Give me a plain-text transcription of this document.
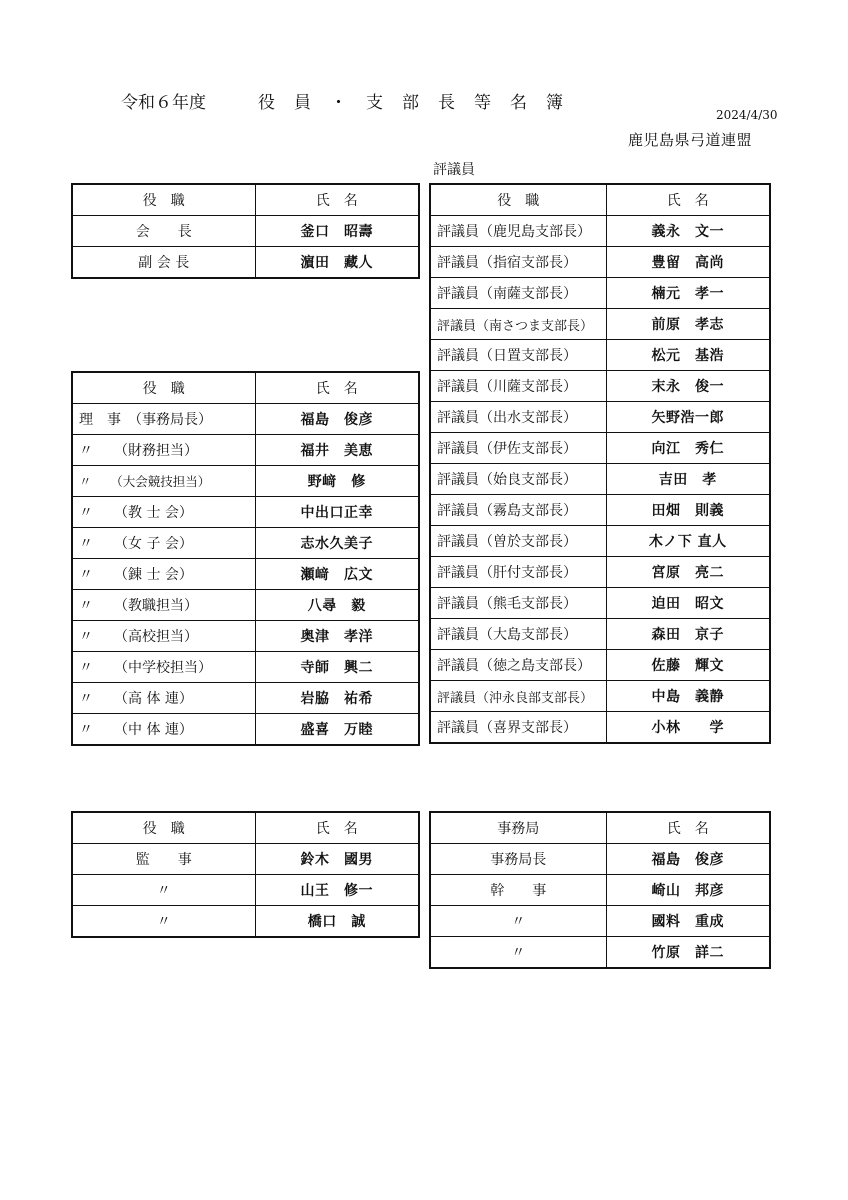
令和６年度	役員・支部長等名簿
2024/4/30
鹿児島県弓道連盟
評議員
役　職	氏　名
会　　長	釜口　昭壽
副 会 長	濵田　藏人
役　職	氏　名
理　事　（事務局長）	福島　俊彦
〃　　（財務担当）	福井　美恵
〃　　（大会競技担当）	野﨑　修
〃　　（教 士 会）	中出口正幸
〃　　（女 子 会）	志水久美子
〃　　（錬 士 会）	瀬﨑　広文
〃　　（教職担当）	八尋　毅
〃　　（高校担当）	奥津　孝洋
〃　　（中学校担当）	寺師　興二
〃　　（高 体 連）	岩脇　祐希
〃　　（中 体 連）	盛喜　万睦
役　職	氏　名
評議員（鹿児島支部長）	義永　文一
評議員（指宿支部長）	豊留　高尚
評議員（南薩支部長）	楠元　孝一
評議員（南さつま支部長）	前原　孝志
評議員（日置支部長）	松元　基浩
評議員（川薩支部長）	末永　俊一
評議員（出水支部長）	矢野浩一郎
評議員（伊佐支部長）	向江　秀仁
評議員（始良支部長）	吉田　孝
評議員（霧島支部長）	田畑　則義
評議員（曽於支部長）	木ノ下 直人
評議員（肝付支部長）	宮原　亮二
評議員（熊毛支部長）	迫田　昭文
評議員（大島支部長）	森田　京子
評議員（徳之島支部長）	佐藤　輝文
評議員（沖永良部支部長）	中島　義静
評議員（喜界支部長）	小林　　学
役　職	氏　名
監　　事	鈴木　國男
〃	山王　修一
〃	橋口　誠
事務局	氏　名
事務局長	福島　俊彦
幹　　事	崎山　邦彦
〃	國料　重成
〃	竹原　詳二
